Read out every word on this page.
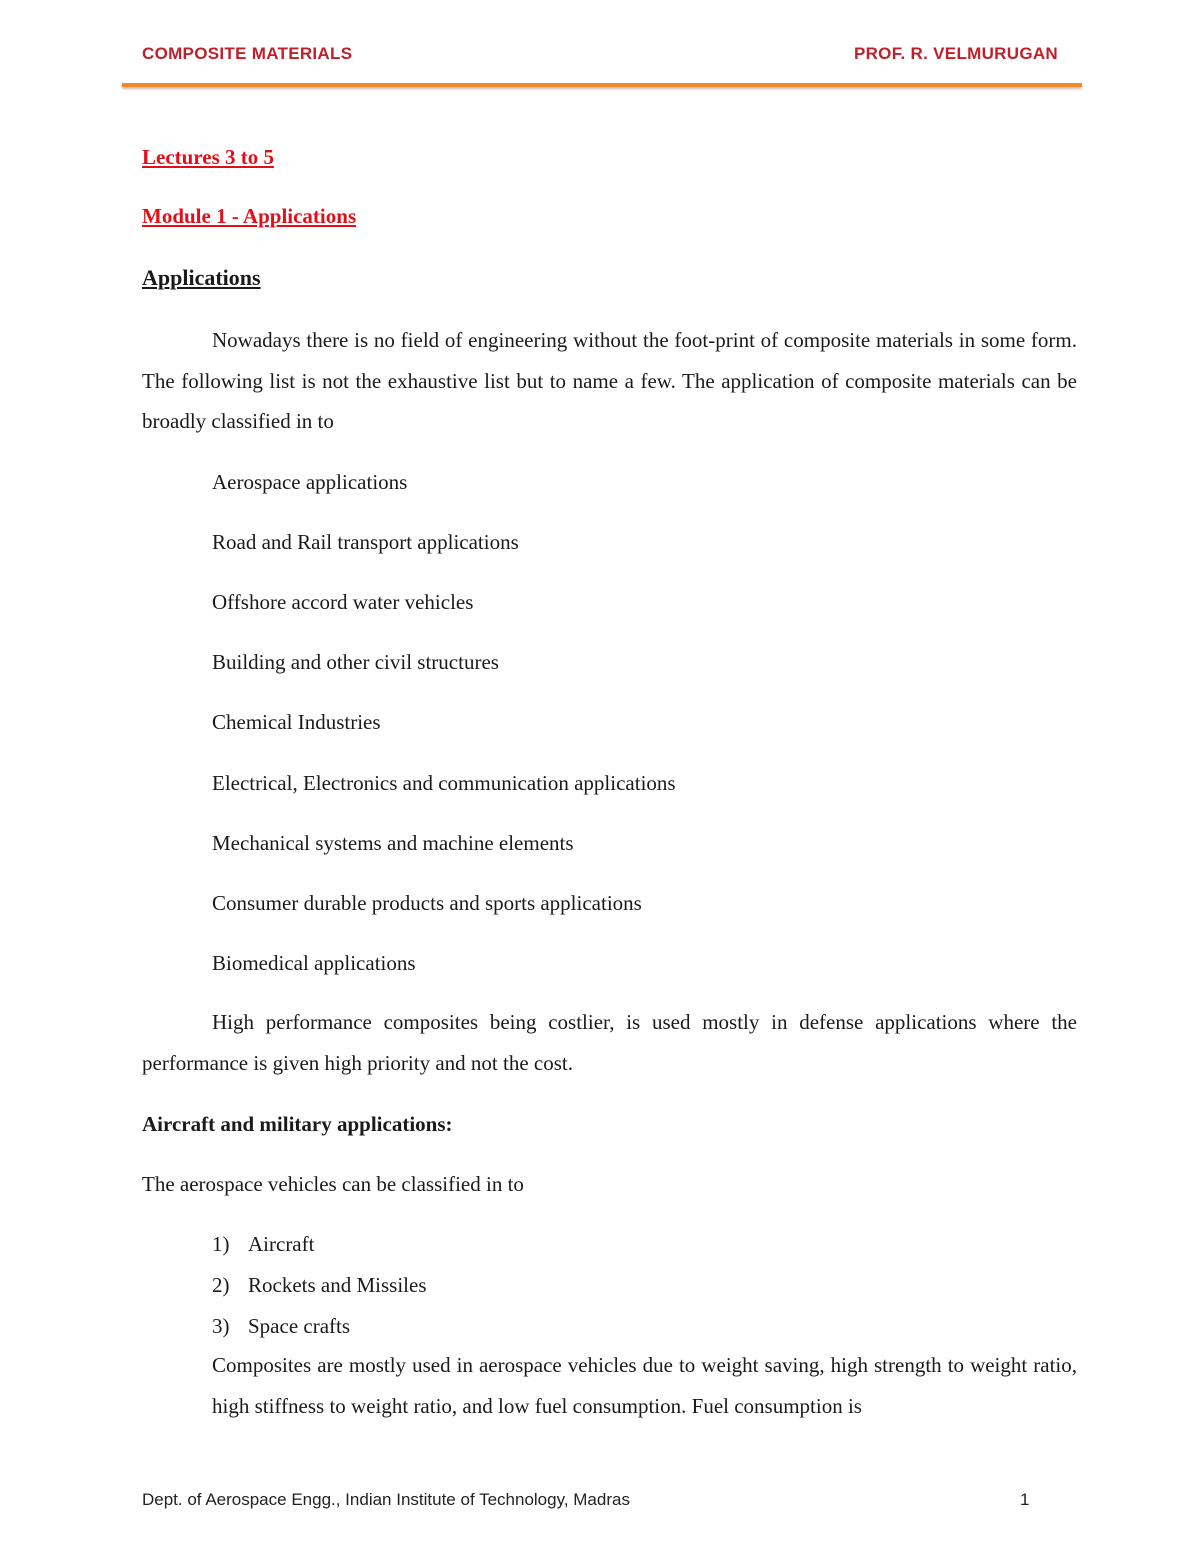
COMPOSITE MATERIALS	PROF. R. VELMURUGAN
Lectures 3 to 5
Module 1 - Applications
Applications
Nowadays there is no field of engineering without the foot-print of composite materials in some form. The following list is not the exhaustive list but to name a few. The application of composite materials can be broadly classified in to
Aerospace applications
Road and Rail transport applications
Offshore accord water vehicles
Building and other civil structures
Chemical Industries
Electrical, Electronics and communication applications
Mechanical systems and machine elements
Consumer durable products and sports applications
Biomedical applications
High performance composites being costlier, is used mostly in defense applications where the performance is given high priority and not the cost.
Aircraft and military applications:
The aerospace vehicles can be classified in to
1) Aircraft
2) Rockets and Missiles
3) Space crafts
Composites are mostly used in aerospace vehicles due to weight saving, high strength to weight ratio, high stiffness to weight ratio, and low fuel consumption. Fuel consumption is
Dept. of Aerospace Engg., Indian Institute of Technology, Madras	1
